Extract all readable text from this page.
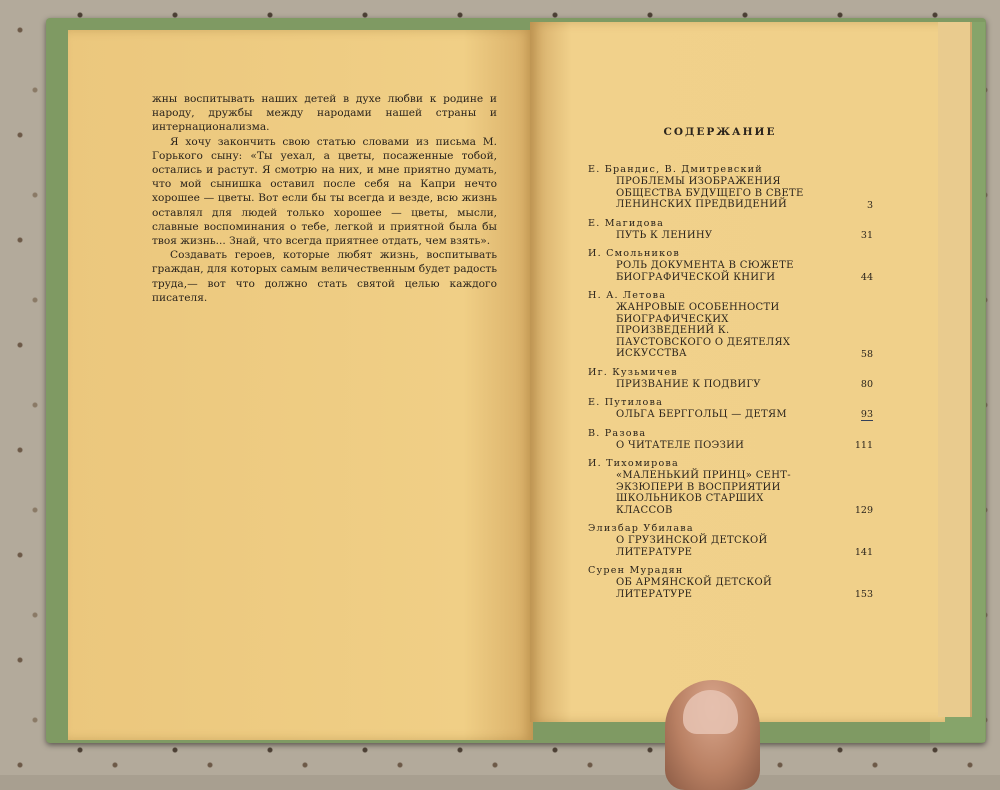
жны воспитывать наших детей в духе любви к родине и народу, дружбы между народами нашей страны и интернационализма.

Я хочу закончить свою статью словами из письма М. Горького сыну: «Ты уехал, а цветы, посаженные тобой, остались и растут. Я смотрю на них, и мне приятно думать, что мой сынишка оставил после себя на Капри нечто хорошее — цветы. Вот если бы ты всегда и везде, всю жизнь оставлял для людей только хорошее — цветы, мысли, славные воспоминания о тебе, легкой и приятной была бы твоя жизнь... Знай, что всегда приятнее отдать, чем взять».

Создавать героев, которые любят жизнь, воспитывать граждан, для которых самым величественным будет радость труда,— вот что должно стать святой целью каждого писателя.

СОДЕРЖАНИЕ
Е. Брандис, В. Дмитревский
ПРОБЛЕМЫ ИЗОБРАЖЕНИЯ ОБЩЕСТВА БУДУЩЕГО В СВЕТЕ ЛЕНИНСКИХ ПРЕДВИДЕНИЙ	3
Е. Магидова
ПУТЬ К ЛЕНИНУ	31
И. Смольников
РОЛЬ ДОКУМЕНТА В СЮЖЕТЕ БИОГРАФИЧЕСКОЙ КНИГИ	44
Н. А. Летова
ЖАНРОВЫЕ ОСОБЕННОСТИ БИОГРАФИЧЕСКИХ ПРОИЗВЕДЕНИЙ К. ПАУСТОВСКОГО О ДЕЯТЕЛЯХ ИСКУССТВА	58
Иг. Кузьмичев
ПРИЗВАНИЕ К ПОДВИГУ	80
Е. Путилова
ОЛЬГА БЕРГГОЛЬЦ — ДЕТЯМ	93
В. Разова
О ЧИТАТЕЛЕ ПОЭЗИИ	111
И. Тихомирова
«МАЛЕНЬКИЙ ПРИНЦ» СЕНТ-ЭКЗЮПЕРИ В ВОСПРИЯТИИ ШКОЛЬНИКОВ СТАРШИХ КЛАССОВ	129
Элизбар Убилава
О ГРУЗИНСКОЙ ДЕТСКОЙ ЛИТЕРАТУРЕ	141
Сурен Мурадян
ОБ АРМЯНСКОЙ ДЕТСКОЙ ЛИТЕРАТУРЕ	153
